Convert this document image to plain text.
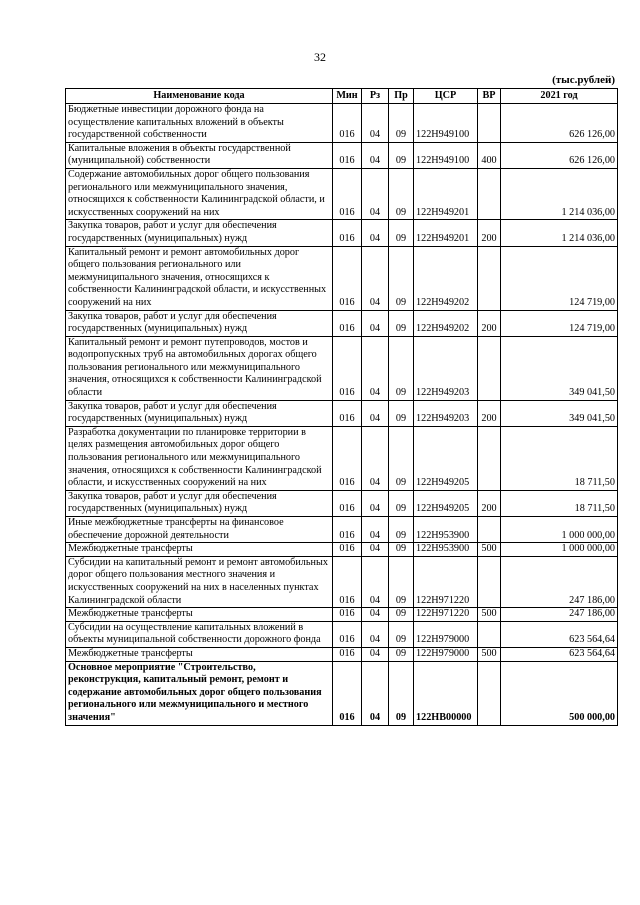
32
(тыс.рублей)
Наименование кода	Мин	Рз	Пр	ЦСР	ВР	2021 год
Бюджетные инвестиции дорожного фонда на осуществление капитальных вложений в объекты государственной собственности	016	04	09	122Н949100		626 126,00
Капитальные вложения в объекты государственной (муниципальной) собственности	016	04	09	122Н949100	400	626 126,00
Содержание автомобильных дорог общего пользования регионального или межмуниципального значения, относящихся к собственности Калининградской области, и искусственных сооружений на них	016	04	09	122Н949201		1 214 036,00
Закупка товаров, работ и услуг для обеспечения государственных (муниципальных) нужд	016	04	09	122Н949201	200	1 214 036,00
Капитальный ремонт и ремонт автомобильных дорог общего пользования регионального или межмуниципального значения, относящихся к собственности Калининградской области, и искусственных сооружений на них	016	04	09	122Н949202		124 719,00
Закупка товаров, работ и услуг для обеспечения государственных (муниципальных) нужд	016	04	09	122Н949202	200	124 719,00
Капитальный ремонт и ремонт путепроводов, мостов и водопропускных труб на автомобильных дорогах общего пользования регионального или межмуниципального значения, относящихся к собственности Калининградской области	016	04	09	122Н949203		349 041,50
Закупка товаров, работ и услуг для обеспечения государственных (муниципальных) нужд	016	04	09	122Н949203	200	349 041,50
Разработка документации по планировке территории в целях размещения автомобильных дорог общего пользования регионального или межмуниципального значения, относящихся к собственности Калининградской области, и искусственных сооружений на них	016	04	09	122Н949205		18 711,50
Закупка товаров, работ и услуг для обеспечения государственных (муниципальных) нужд	016	04	09	122Н949205	200	18 711,50
Иные межбюджетные трансферты на финансовое обеспечение дорожной деятельности	016	04	09	122Н953900		1 000 000,00
Межбюджетные трансферты	016	04	09	122Н953900	500	1 000 000,00
Субсидии на капитальный ремонт и ремонт автомобильных дорог общего пользования местного значения и искусственных сооружений на них в населенных пунктах Калининградской области	016	04	09	122Н971220		247 186,00
Межбюджетные трансферты	016	04	09	122Н971220	500	247 186,00
Субсидии на осуществление капитальных вложений в объекты муниципальной собственности дорожного фонда	016	04	09	122Н979000		623 564,64
Межбюджетные трансферты	016	04	09	122Н979000	500	623 564,64
Основное мероприятие "Строительство, реконструкция, капитальный ремонт, ремонт и содержание автомобильных дорог общего пользования регионального или межмуниципального и местного значения"	016	04	09	122НВ00000		500 000,00
